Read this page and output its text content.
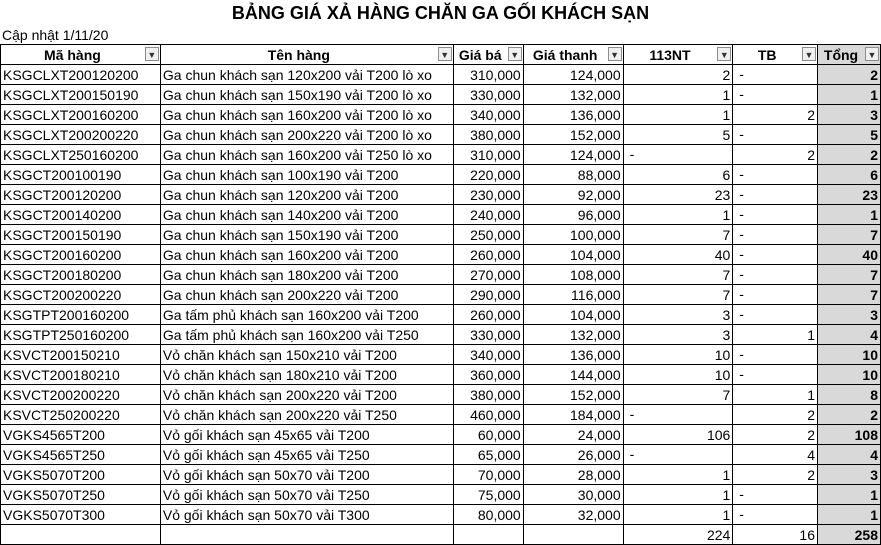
BẢNG GIÁ XẢ HÀNG CHĂN GA GỐI KHÁCH SẠN
Cập nhật 1/11/20
Mã hàng ▼	Tên hàng ▼	Giá bá ▼	Giá thanh ▼	113NT ▼	TB ▼	Tổng ▼

KSGCLXT200120200	Ga chun khách sạn 120x200 vải T200 lò xo	310,000	124,000	2	-	2
KSGCLXT200150190	Ga chun khách sạn 150x190 vải T200 lò xo	330,000	132,000	1	-	1
KSGCLXT200160200	Ga chun khách sạn 160x200 vải T200 lò xo	340,000	136,000	1	2	3
KSGCLXT200200220	Ga chun khách sạn 200x220 vải T200 lò xo	380,000	152,000	5	-	5
KSGCLXT250160200	Ga chun khách sạn 160x200 vải T250 lò xo	310,000	124,000	-	2	2
KSGCT200100190	Ga chun khách sạn 100x190 vải T200	220,000	88,000	6	-	6
KSGCT200120200	Ga chun khách sạn 120x200 vải T200	230,000	92,000	23	-	23
KSGCT200140200	Ga chun khách sạn 140x200 vải T200	240,000	96,000	1	-	1
KSGCT200150190	Ga chun khách sạn 150x190 vải T200	250,000	100,000	7	-	7
KSGCT200160200	Ga chun khách sạn 160x200 vải T200	260,000	104,000	40	-	40
KSGCT200180200	Ga chun khách sạn 180x200 vải T200	270,000	108,000	7	-	7
KSGCT200200220	Ga chun khách sạn 200x220 vải T200	290,000	116,000	7	-	7
KSGTPT200160200	Ga tấm phủ khách sạn 160x200 vải T200	260,000	104,000	3	-	3
KSGTPT250160200	Ga tấm phủ khách sạn 160x200 vải T250	330,000	132,000	3	1	4
KSVCT200150210	Vỏ chăn khách sạn 150x210 vải T200	340,000	136,000	10	-	10
KSVCT200180210	Vỏ chăn khách sạn 180x210 vải T200	360,000	144,000	10	-	10
KSVCT200200220	Vỏ chăn khách sạn 200x220 vải T200	380,000	152,000	7	1	8
KSVCT250200220	Vỏ chăn khách sạn 200x220 vải T250	460,000	184,000	-	2	2
VGKS4565T200	Vỏ gối khách sạn 45x65 vải T200	60,000	24,000	106	2	108
VGKS4565T250	Vỏ gối khách sạn 45x65 vải T250	65,000	26,000	-	4	4
VGKS5070T200	Vỏ gối khách sạn 50x70 vải T200	70,000	28,000	1	2	3
VGKS5070T250	Vỏ gối khách sạn 50x70 vải T250	75,000	30,000	1	-	1
VGKS5070T300	Vỏ gối khách sạn 50x70 vải T300	80,000	32,000	1	-	1
				224	16	258
